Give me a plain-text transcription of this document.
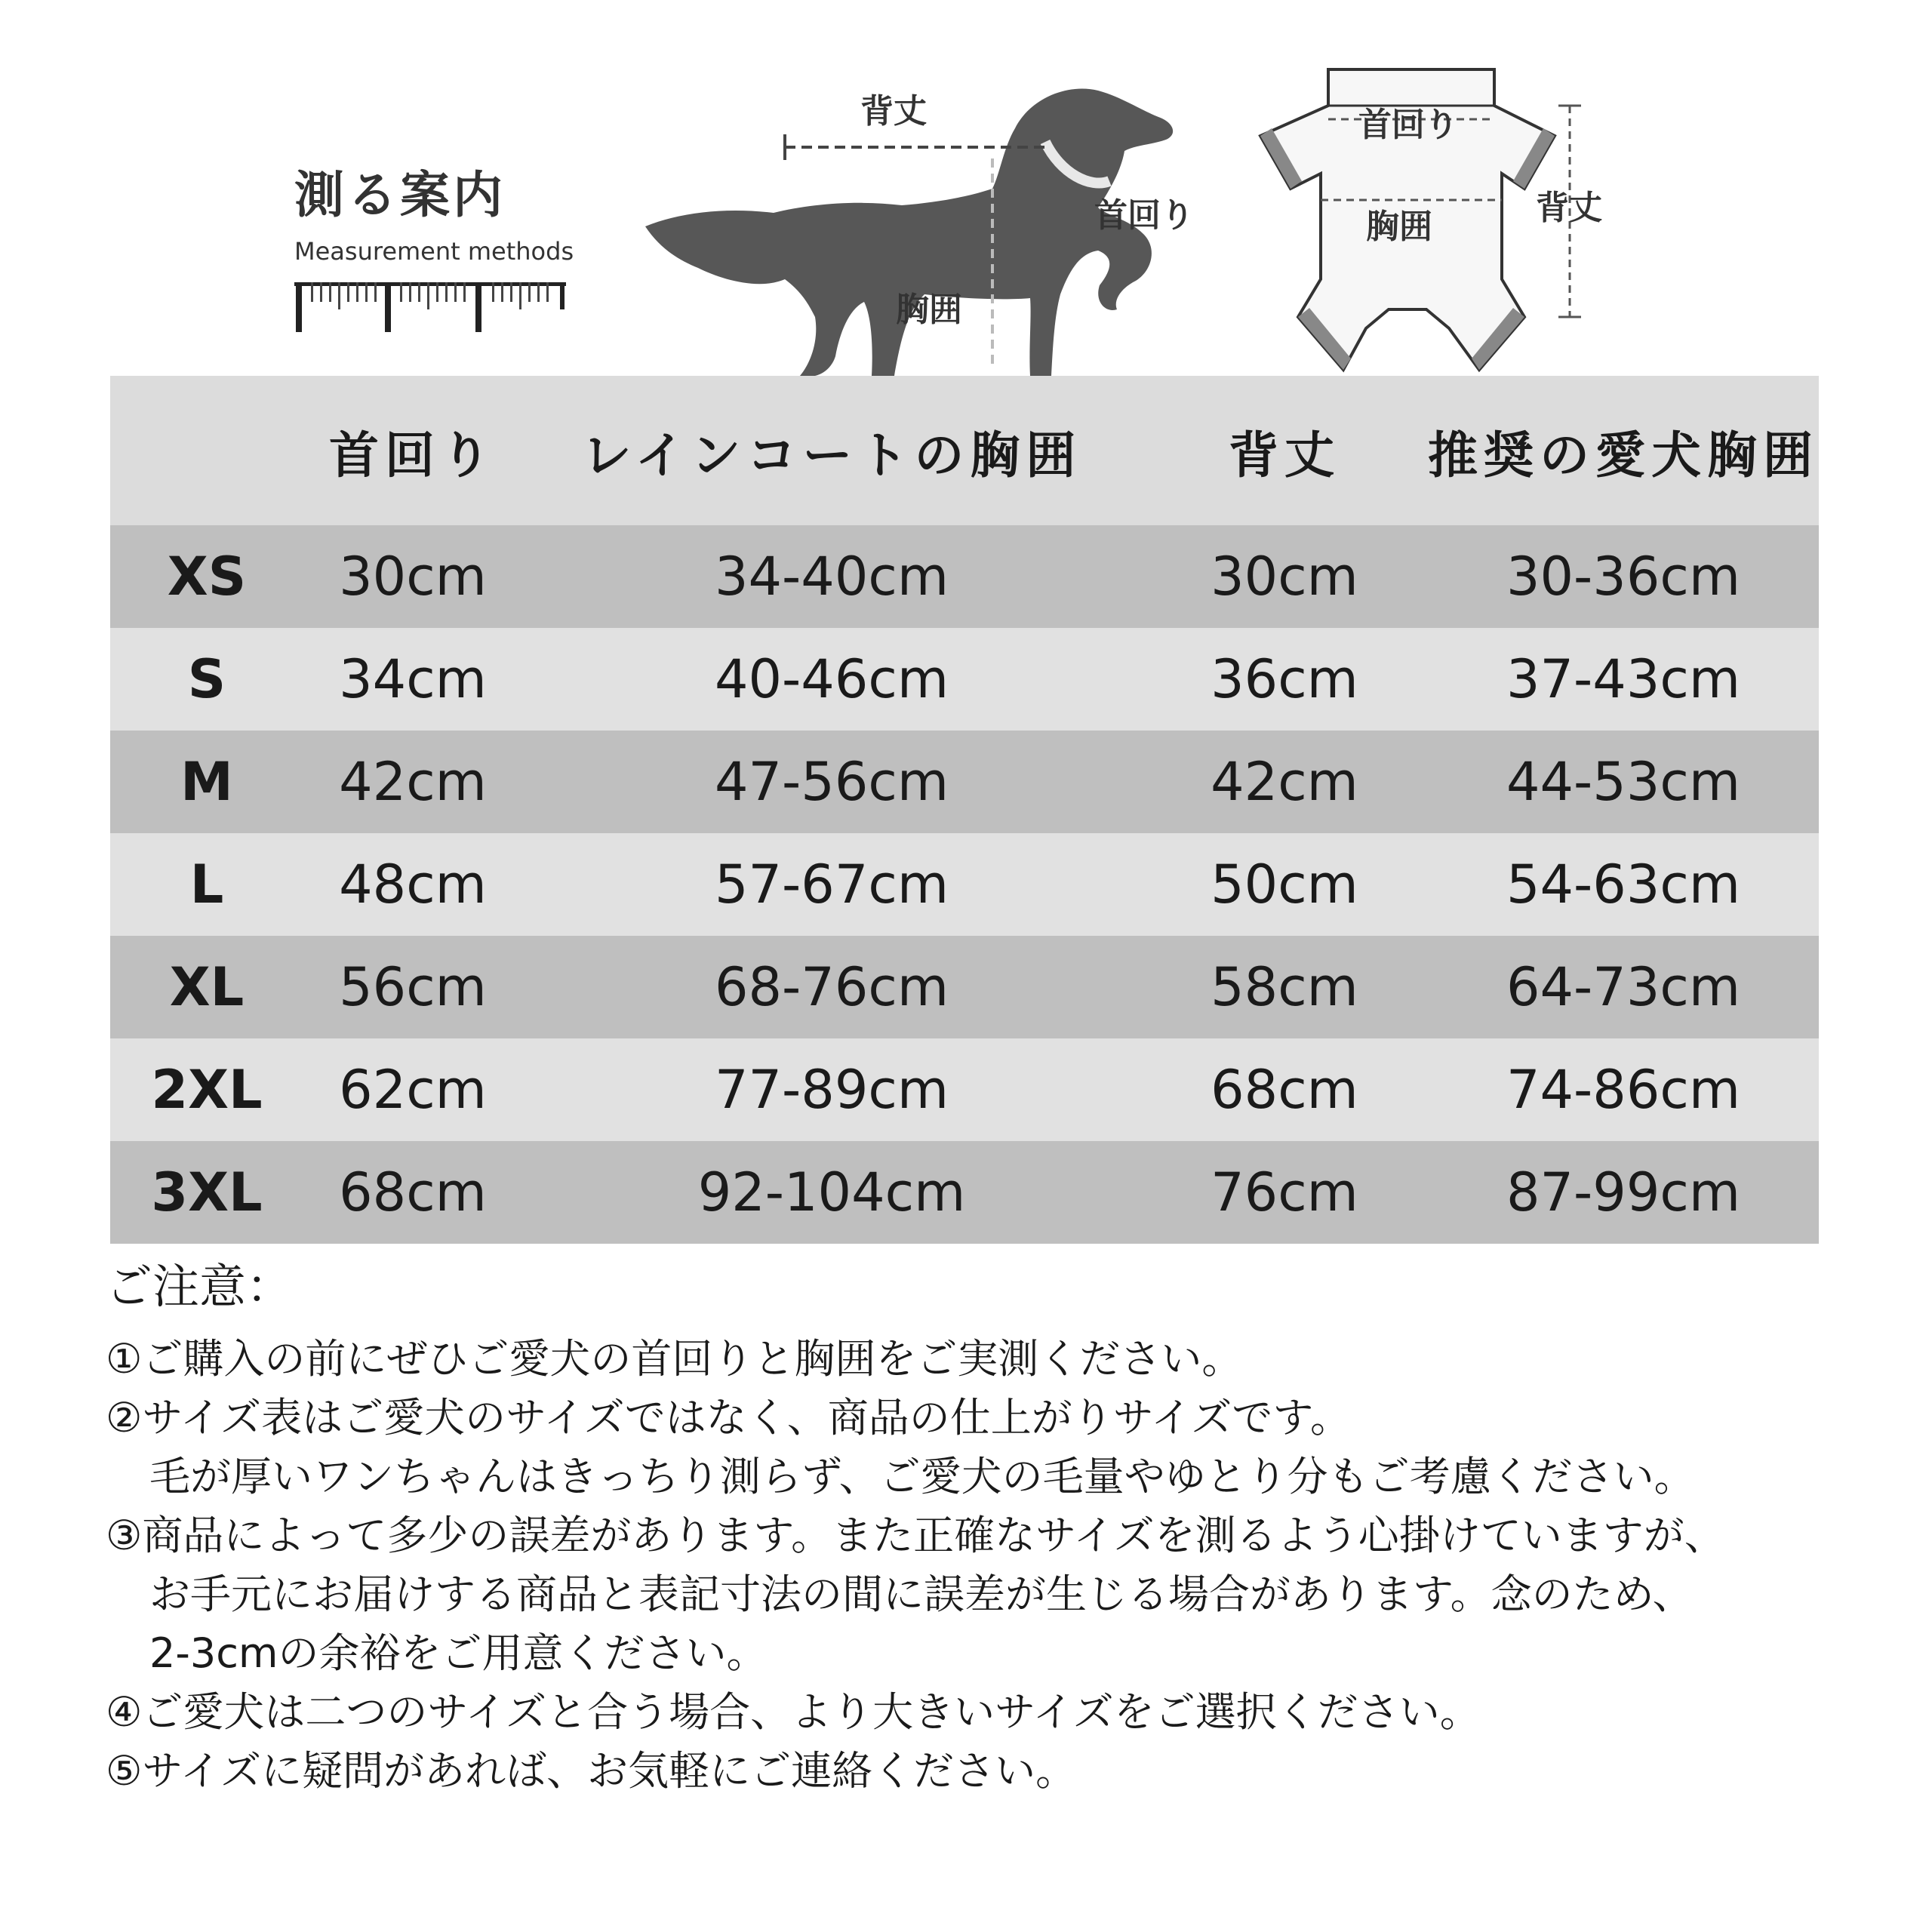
測る案内
Measurement methods
背丈
首回り
胸囲
首回り
胸囲	背丈
	首回り	レインコートの胸囲	背丈	推奨の愛犬胸囲
XS	30cm	34-40cm	30cm	30-36cm
S	34cm	40-46cm	36cm	37-43cm
M	42cm	47-56cm	42cm	44-53cm
L	48cm	57-67cm	50cm	54-63cm
XL	56cm	68-76cm	58cm	64-73cm
2XL	62cm	77-89cm	68cm	74-86cm
3XL	68cm	92-104cm	76cm	87-99cm
ご注意：
①ご購入の前にぜひご愛犬の首回りと胸囲をご実測ください。
②サイズ表はご愛犬のサイズではなく、商品の仕上がりサイズです。
毛が厚いワンちゃんはきっちり測らず、ご愛犬の毛量やゆとり分もご考慮ください。
③商品によって多少の誤差があります。また正確なサイズを測るよう心掛けていますが、
お手元にお届けする商品と表記寸法の間に誤差が生じる場合があります。念のため、
2-3cmの余裕をご用意ください。
④ご愛犬は二つのサイズと合う場合、より大きいサイズをご選択ください。
⑤サイズに疑問があれば、お気軽にご連絡ください。
